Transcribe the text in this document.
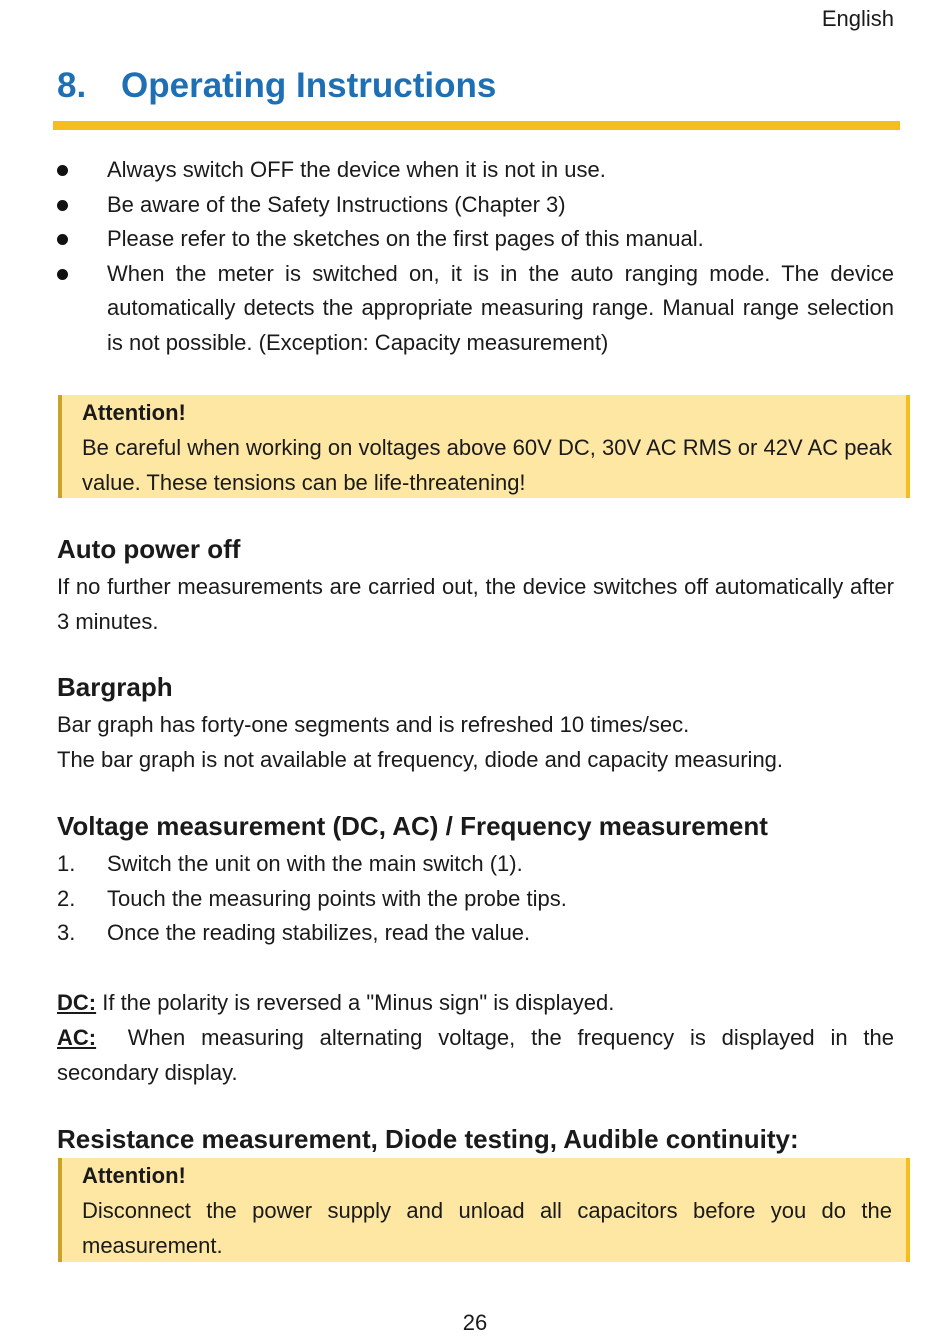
English
8. Operating Instructions
Always switch OFF the device when it is not in use.
Be aware of the Safety Instructions (Chapter 3)
Please refer to the sketches on the first pages of this manual.
When the meter is switched on, it is in the auto ranging mode. The device automatically detects the appropriate measuring range. Manual range selection is not possible. (Exception: Capacity measurement)
Attention!
Be careful when working on voltages above 60V DC, 30V AC RMS or 42V AC peak value. These tensions can be life-threatening!
Auto power off

If no further measurements are carried out, the device switches off automatically after 3 minutes.

Bargraph

Bar graph has forty-one segments and is refreshed 10 times/sec.

The bar graph is not available at frequency, diode and capacity measuring.

Voltage measurement (DC, AC) / Frequency measurement
1. Switch the unit on with the main switch (1).
2. Touch the measuring points with the probe tips.
3. Once the reading stabilizes, read the value.

DC: If the polarity is reversed a "Minus sign" is displayed.

AC: When measuring alternating voltage, the frequency is displayed in the secondary display.

Resistance measurement, Diode testing, Audible continuity:
Attention!
Disconnect the power supply and unload all capacitors before you do the measurement.
26
